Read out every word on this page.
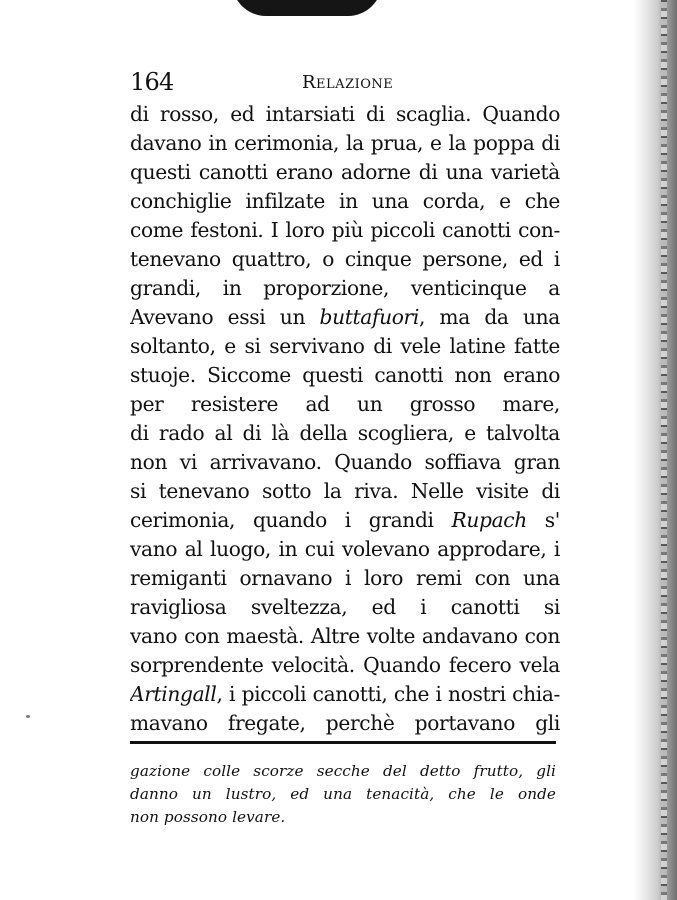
164	Relazione
di rosso, ed intarsiati di scaglia. Quando
davano in cerimonia, la prua, e la poppa di
questi canotti erano adorne di una varietà
conchiglie infilzate in una corda, e che
come festoni. I loro più piccoli canotti con-
tenevano quattro, o cinque persone, ed i
grandi, in proporzione, venticinque a
Avevano essi un buttafuori, ma da una
soltanto, e si servivano di vele latine fatte
stuoje. Siccome questi canotti non erano
per resistere ad un grosso mare,
di rado al di là della scogliera, e talvolta
non vi arrivavano. Quando soffiava gran
si tenevano sotto la riva. Nelle visite di
cerimonia, quando i grandi Rupach s'
vano al luogo, in cui volevano approdare, i
remiganti ornavano i loro remi con una
ravigliosa sveltezza, ed i canotti si
vano con maestà. Altre volte andavano con
sorprendente velocità. Quando fecero vela
Artingall, i piccoli canotti, che i nostri chia-
mavano fregate, perchè portavano gli
gazione colle scorze secche del detto frutto, gli
danno un lustro, ed una tenacità, che le onde
non possono levare.
